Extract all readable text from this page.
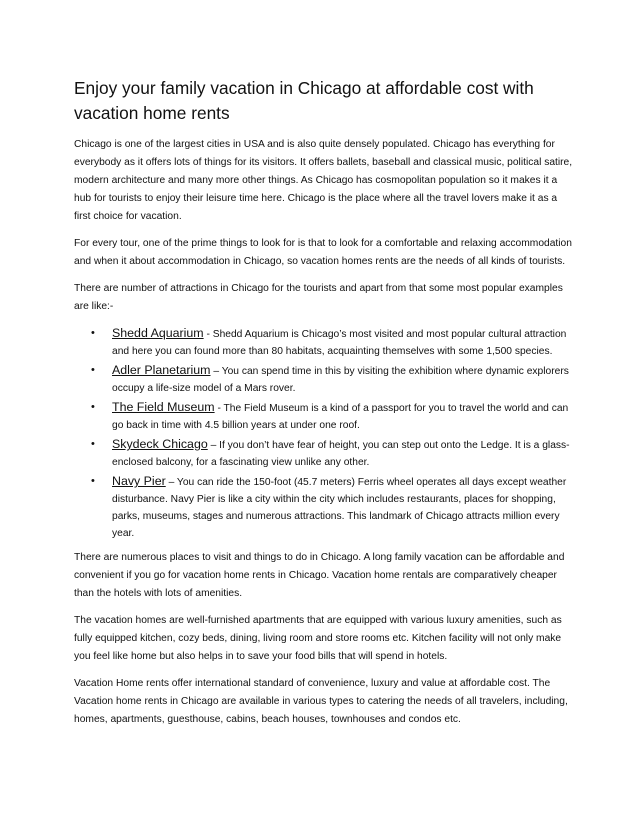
Enjoy your family vacation in Chicago at affordable cost with vacation home rents

Chicago is one of the largest cities in USA and is also quite densely populated. Chicago has everything for everybody as it offers lots of things for its visitors. It offers ballets, baseball and classical music, political satire, modern architecture and many more other things. As Chicago has cosmopolitan population so it makes it a hub for tourists to enjoy their leisure time here. Chicago is the place where all the travel lovers make it as a first choice for vacation.

For every tour, one of the prime things to look for is that to look for a comfortable and relaxing accommodation and when it about accommodation in Chicago, so vacation homes rents are the needs of all kinds of tourists.

There are number of attractions in Chicago for the tourists and apart from that some most popular examples are like:-

• Shedd Aquarium - Shedd Aquarium is Chicago’s most visited and most popular cultural attraction and here you can found more than 80 habitats, acquainting themselves with some 1,500 species.
• Adler Planetarium – You can spend time in this by visiting the exhibition where dynamic explorers occupy a life-size model of a Mars rover.
• The Field Museum - The Field Museum is a kind of a passport for you to travel the world and can go back in time with 4.5 billion years at under one roof.
• Skydeck Chicago – If you don’t have fear of height, you can step out onto the Ledge. It is a glass-enclosed balcony, for a fascinating view unlike any other.
• Navy Pier – You can ride the 150-foot (45.7 meters) Ferris wheel operates all days except weather disturbance. Navy Pier is like a city within the city which includes restaurants, places for shopping, parks, museums, stages and numerous attractions. This landmark of Chicago attracts million every year.

There are numerous places to visit and things to do in Chicago. A long family vacation can be affordable and convenient if you go for vacation home rents in Chicago. Vacation home rentals are comparatively cheaper than the hotels with lots of amenities.

The vacation homes are well-furnished apartments that are equipped with various luxury amenities, such as fully equipped kitchen, cozy beds, dining, living room and store rooms etc. Kitchen facility will not only make you feel like home but also helps in to save your food bills that will spend in hotels.

Vacation Home rents offer international standard of convenience, luxury and value at affordable cost. The Vacation home rents in Chicago are available in various types to catering the needs of all travelers, including, homes, apartments, guesthouse, cabins, beach houses, townhouses and condos etc.
